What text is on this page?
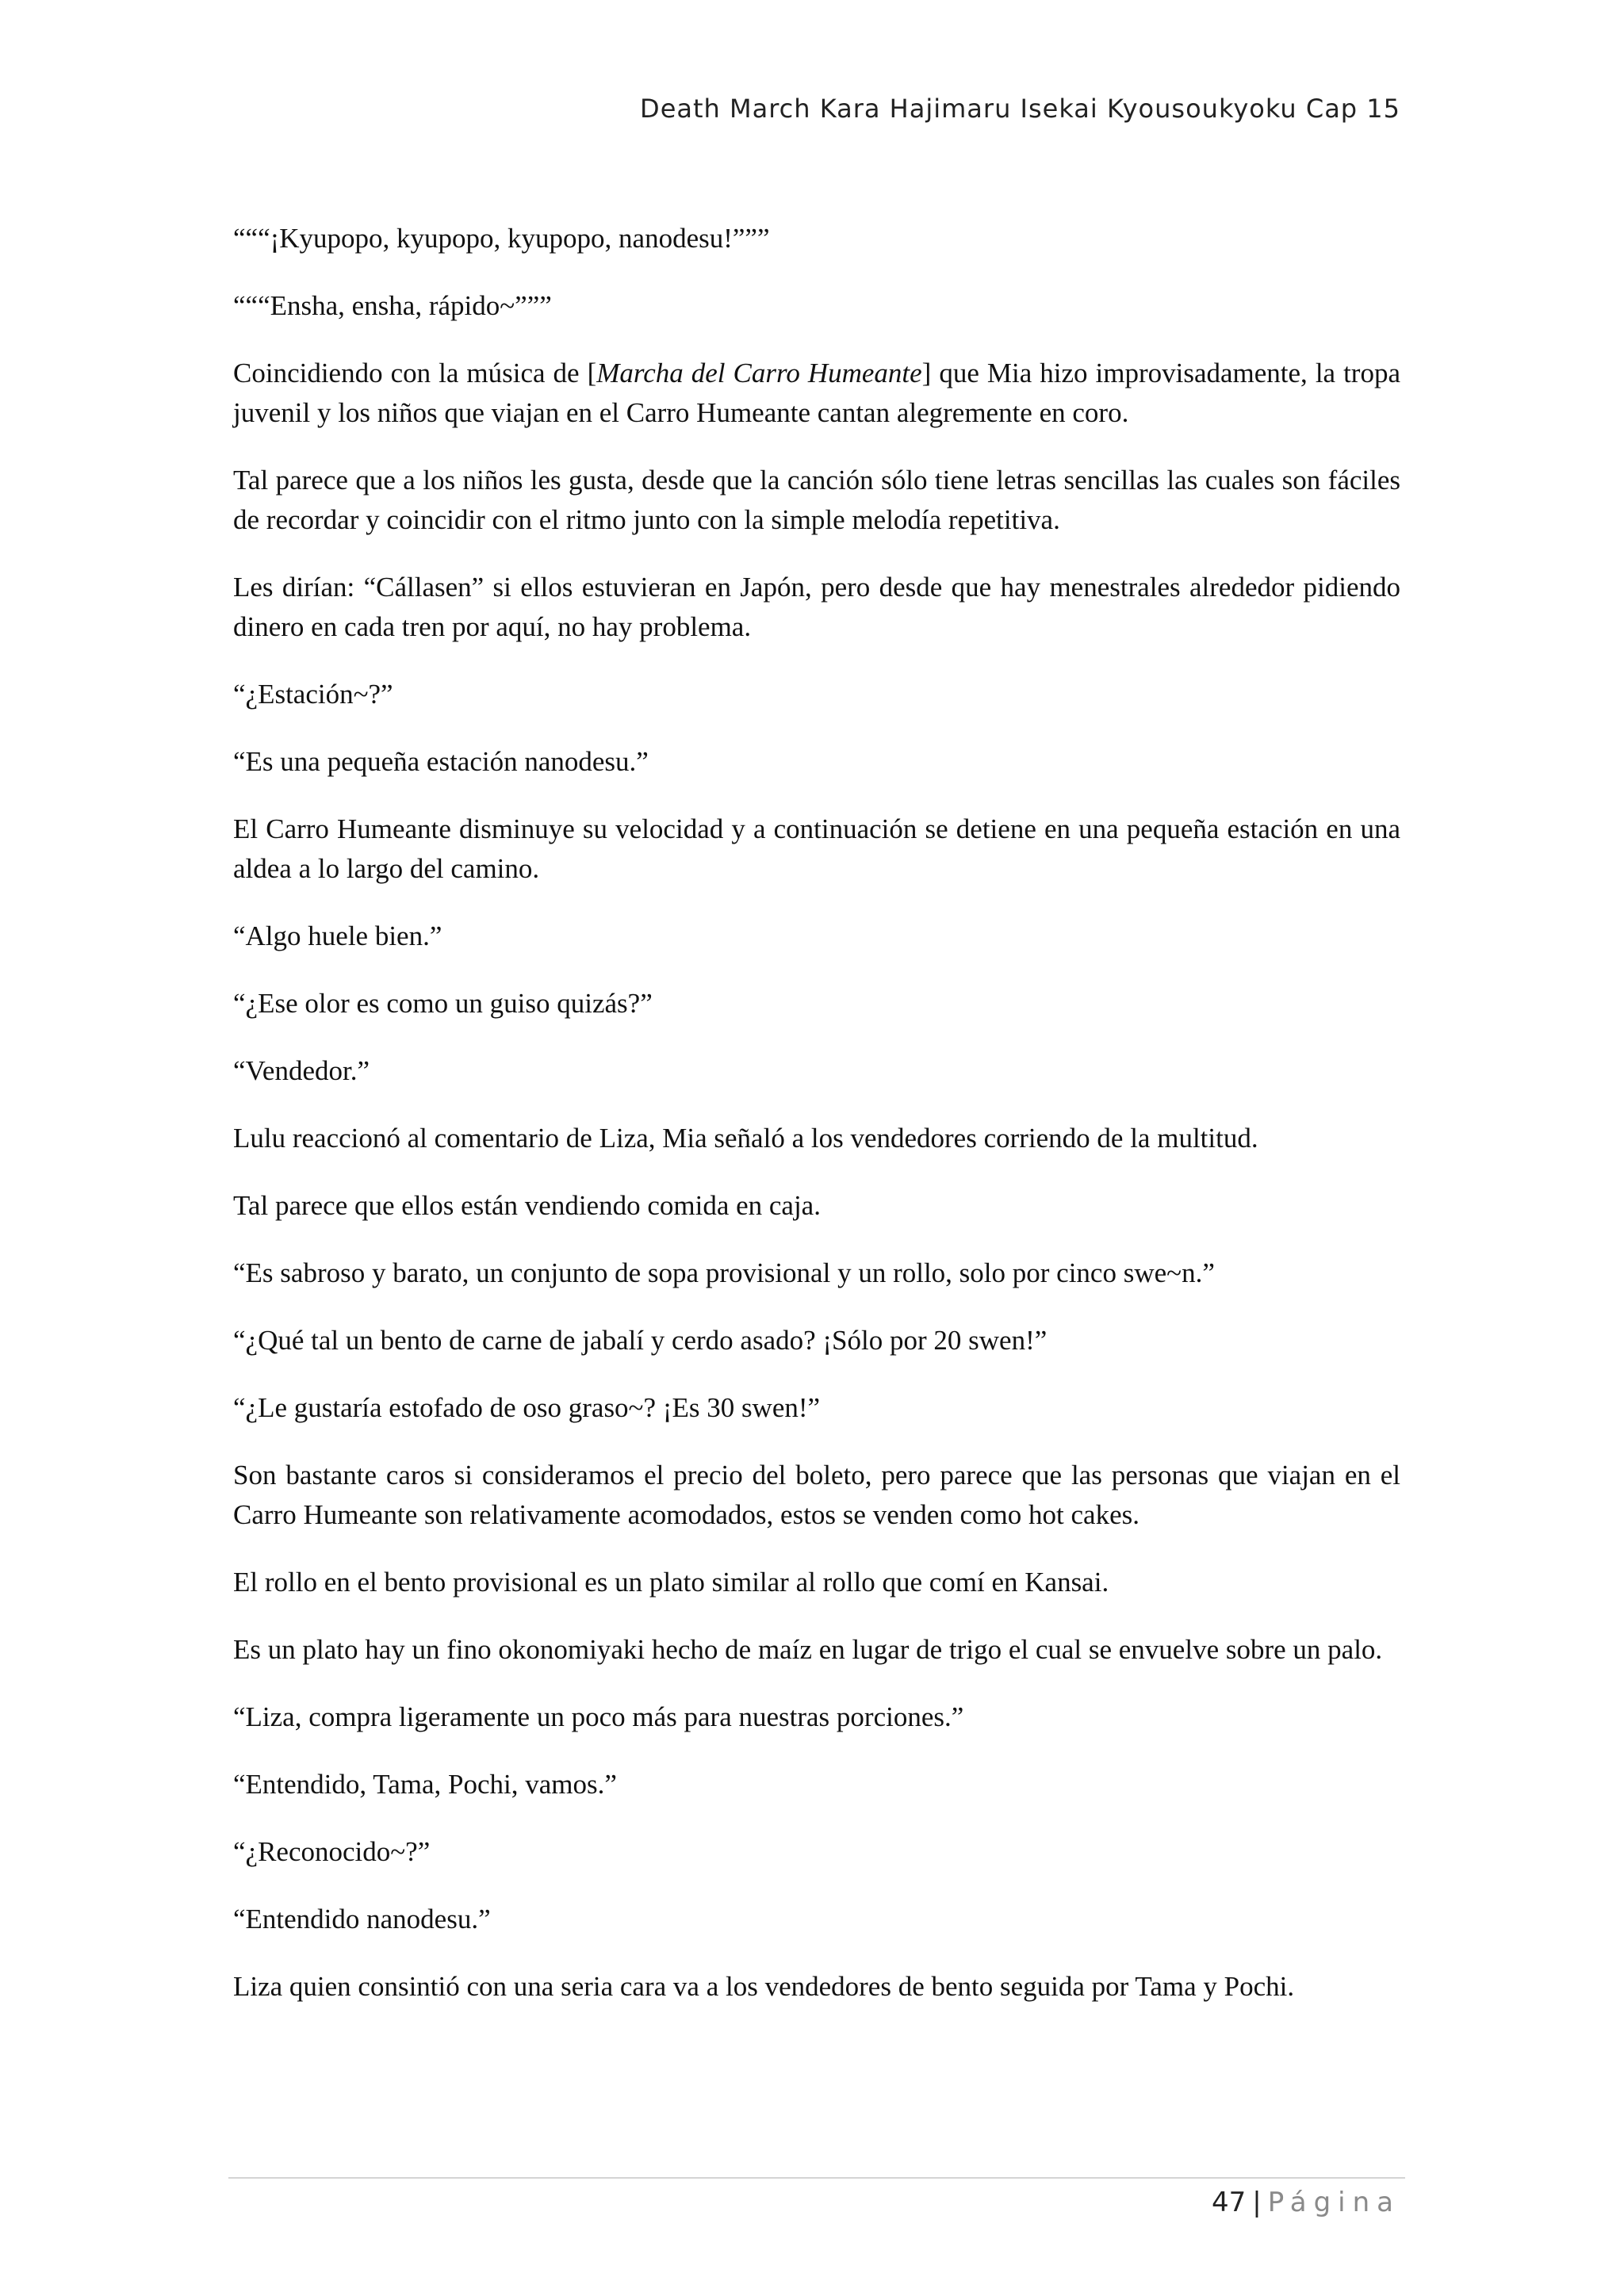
Death March Kara Hajimaru Isekai Kyousoukyoku Cap 15

“““¡Kyupopo, kyupopo, kyupopo, nanodesu!”””

“““Ensha, ensha, rápido~”””

Coincidiendo con la música de [Marcha del Carro Humeante] que Mia hizo improvisadamente, la tropa juvenil y los niños que viajan en el Carro Humeante cantan alegremente en coro.

Tal parece que a los niños les gusta, desde que la canción sólo tiene letras sencillas las cuales son fáciles de recordar y coincidir con el ritmo junto con la simple melodía repetitiva.

Les dirían: “Cállasen” si ellos estuvieran en Japón, pero desde que hay menestrales alrededor pidiendo dinero en cada tren por aquí, no hay problema.

“¿Estación~?”

“Es una pequeña estación nanodesu.”

El Carro Humeante disminuye su velocidad y a continuación se detiene en una pequeña estación en una aldea a lo largo del camino.

“Algo huele bien.”

“¿Ese olor es como un guiso quizás?”

“Vendedor.”

Lulu reaccionó al comentario de Liza, Mia señaló a los vendedores corriendo de la multitud.

Tal parece que ellos están vendiendo comida en caja.

“Es sabroso y barato, un conjunto de sopa provisional y un rollo, solo por cinco swe~n.”

“¿Qué tal un bento de carne de jabalí y cerdo asado? ¡Sólo por 20 swen!”

“¿Le gustaría estofado de oso graso~? ¡Es 30 swen!”

Son bastante caros si consideramos el precio del boleto, pero parece que las personas que viajan en el Carro Humeante son relativamente acomodados, estos se venden como hot cakes.

El rollo en el bento provisional es un plato similar al rollo que comí en Kansai.

Es un plato hay un fino okonomiyaki hecho de maíz en lugar de trigo el cual se envuelve sobre un palo.

“Liza, compra ligeramente un poco más para nuestras porciones.”

“Entendido, Tama, Pochi, vamos.”

“¿Reconocido~?”

“Entendido nanodesu.”

Liza quien consintió con una seria cara va a los vendedores de bento seguida por Tama y Pochi.

47 | Página
